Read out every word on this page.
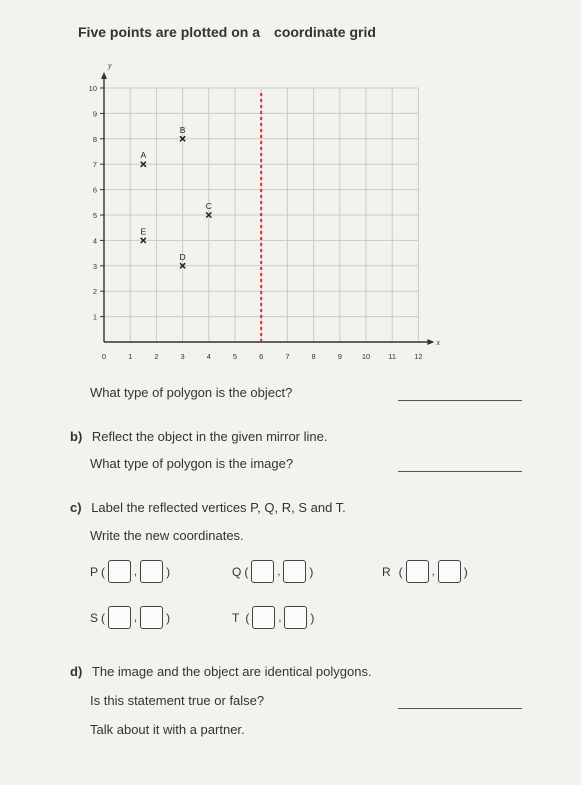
Five points are plotted on a coordinate grid
x
y
0	1	2	3	4	5	6	7	8	9	10 11 12
1
2
3
4
5
6
7
8
9
10
A
B
C
D
E
What type of polygon is the object?
b) Reflect the object in the given mirror line.
What type of polygon is the image?
c) Label the reflected vertices P, Q, R, S and T.
Write the new coordinates.
P (	, )	Q (	, )	R (	, )
S (	, )	T (	, )
d) The image and the object are identical polygons.
Is this statement true or false?
Talk about it with a partner.
